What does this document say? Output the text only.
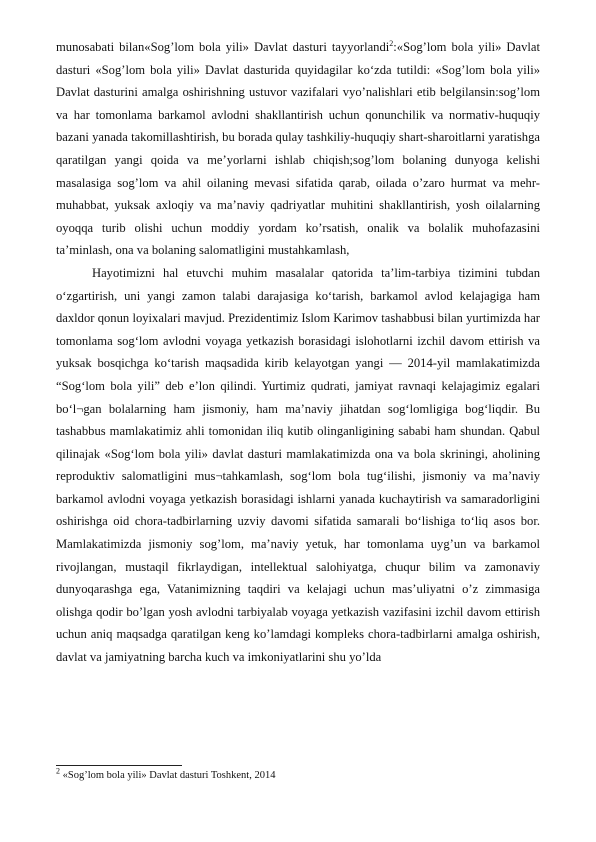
munosabati bilan«Sog’lom bola yili» Davlat dasturi tayyorlandi$^2$:«Sog’lom bola yili» Davlat dasturi «Sog’lom bola yili» Davlat dasturida quyidagilar ko‘zda tutildi: «Sog’lom bola yili» Davlat dasturini amalga oshirishning ustuvor vazifalari vyo’nalishlari etib belgilansin:sog’lom va har tomonlama barkamol avlodni shakllantirish uchun qonunchilik va normativ-huquqiy bazani yanada takomillashtirish, bu borada qulay tashkiliy-huquqiy shart-sharoitlarni yaratishga qaratilgan yangi qoida va me’yorlarni ishlab chiqish;sog’lom bolaning dunyoga kelishi masalasiga sog’lom va ahil oilaning mevasi sifatida qarab, oilada o’zaro hurmat va mehr-muhabbat, yuksak axloqiy va ma’naviy qadriyatlar muhitini shakllantirish, yosh oilalarning oyoqqa turib olishi uchun moddiy yordam ko’rsatish, onalik va bolalik muhofazasini ta’minlash, ona va bolaning salomatligini mustahkamlash,

Hayotimizni hal etuvchi muhim masalalar qatorida ta’lim-tarbiya tizimini tubdan o‘zgartirish, uni yangi zamon talabi darajasiga ko‘tarish, barkamol avlod kelajagiga ham daxldor qonun loyixalari mavjud. Prezidentimiz Islom Karimov tashabbusi bilan yurtimizda har tomonlama sog‘lom avlodni voyaga yetkazish borasidagi islohotlarni izchil davom ettirish va yuksak bosqichga ko‘tarish maqsadida kirib kelayotgan yangi — 2014-yil mamlakatimizda “Sog‘lom bola yili” deb e’lon qilindi. Yurtimiz qudrati, jamiyat ravnaqi kelajagimiz egalari bo‘l¬gan bolalarning ham jismoniy, ham ma’naviy jihatdan sog‘lomligiga bog‘liqdir. Bu tashabbus mamlakatimiz ahli tomonidan iliq kutib olinganligining sababi ham shundan. Qabul qilinajak «Sog‘lom bola yili» davlat dasturi mamlakatimizda ona va bola skriningi, aholining reproduktiv salomatligini mus¬tahkamlash, sog‘lom bola tug‘ilishi, jismoniy va ma’naviy barkamol avlodni voyaga yetkazish borasidagi ishlarni yanada kuchaytirish va samaradorligini oshirishga oid chora-tadbirlarning uzviy davomi sifatida samarali bo‘lishiga to‘liq asos bor. Mamlakatimizda jismoniy sog’lom, ma’naviy yetuk, har tomonlama uyg’un va barkamol rivojlangan, mustaqil fikrlaydigan, intellektual salohiyatga, chuqur bilim va zamonaviy dunyoqarashga ega, Vatanimizning taqdiri va kelajagi uchun mas’uliyatni o’z zimmasiga olishga qodir bo’lgan yosh avlodni tarbiyalab voyaga yetkazish vazifasini izchil davom ettirish uchun aniq maqsadga qaratilgan keng ko’lamdagi kompleks chora-tadbirlarni amalga oshirish, davlat va jamiyatning barcha kuch va imkoniyatlarini shu yo’lda

$^2$ «Sog’lom bola yili» Davlat dasturi Toshkent, 2014
